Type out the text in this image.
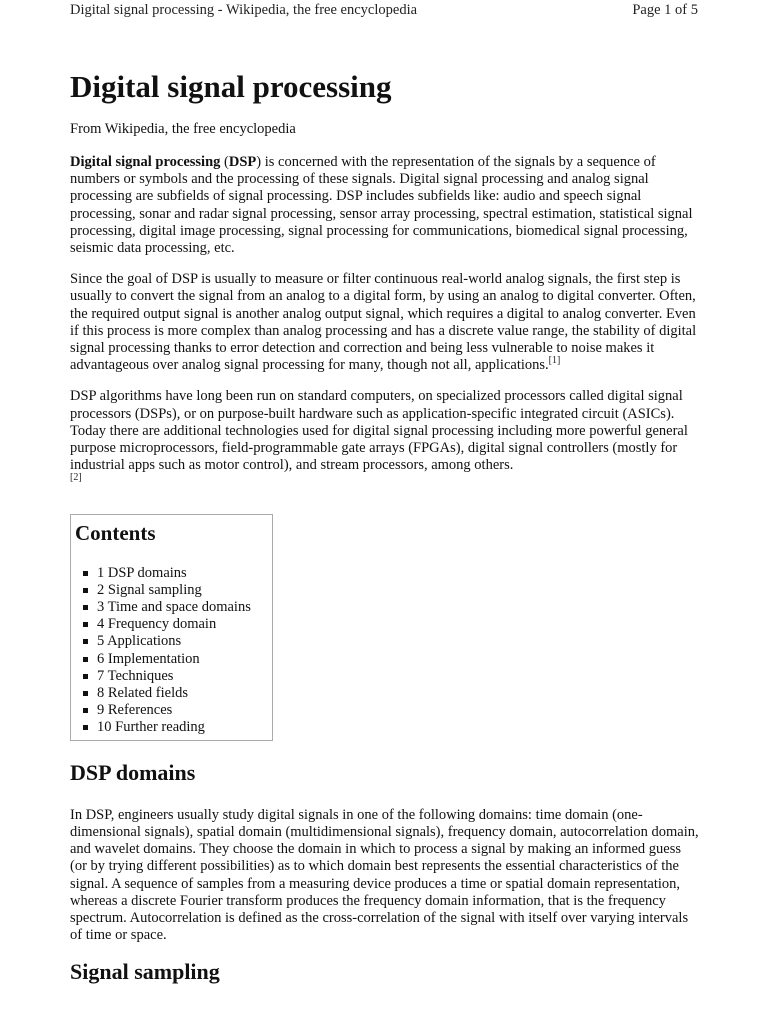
Digital signal processing - Wikipedia, the free encyclopedia	Page 1 of 5
Digital signal processing
From Wikipedia, the free encyclopedia

Digital signal processing (DSP) is concerned with the representation of the signals by a sequence of numbers or symbols and the processing of these signals. Digital signal processing and analog signal processing are subfields of signal processing. DSP includes subfields like: audio and speech signal processing, sonar and radar signal processing, sensor array processing, spectral estimation, statistical signal processing, digital image processing, signal processing for communications, biomedical signal processing, seismic data processing, etc.

Since the goal of DSP is usually to measure or filter continuous real-world analog signals, the first step is usually to convert the signal from an analog to a digital form, by using an analog to digital converter. Often, the required output signal is another analog output signal, which requires a digital to analog converter. Even if this process is more complex than analog processing and has a discrete value range, the stability of digital signal processing thanks to error detection and correction and being less vulnerable to noise makes it advantageous over analog signal processing for many, though not all, applications.[1]

DSP algorithms have long been run on standard computers, on specialized processors called digital signal processors (DSPs), or on purpose-built hardware such as application-specific integrated circuit (ASICs). Today there are additional technologies used for digital signal processing including more powerful general purpose microprocessors, field-programmable gate arrays (FPGAs), digital signal controllers (mostly for industrial apps such as motor control), and stream processors, among others.
[2]

Contents
1 DSP domains
2 Signal sampling
3 Time and space domains
4 Frequency domain
5 Applications
6 Implementation
7 Techniques
8 Related fields
9 References
10 Further reading
DSP domains

In DSP, engineers usually study digital signals in one of the following domains: time domain (one-dimensional signals), spatial domain (multidimensional signals), frequency domain, autocorrelation domain, and wavelet domains. They choose the domain in which to process a signal by making an informed guess (or by trying different possibilities) as to which domain best represents the essential characteristics of the signal. A sequence of samples from a measuring device produces a time or spatial domain representation, whereas a discrete Fourier transform produces the frequency domain information, that is the frequency spectrum. Autocorrelation is defined as the cross-correlation of the signal with itself over varying intervals of time or space.

Signal sampling
